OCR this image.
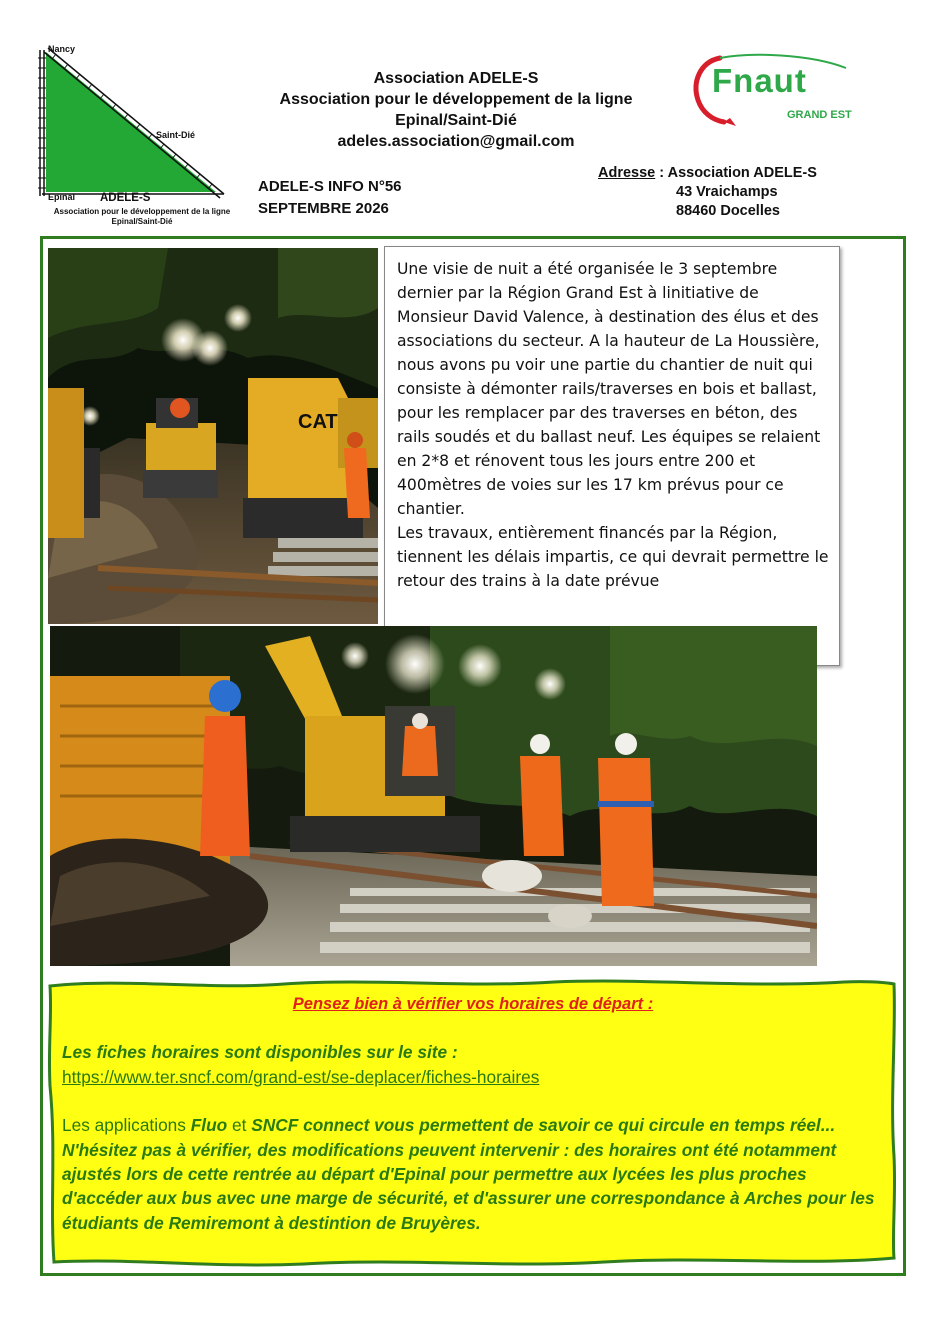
Nancy
Saint-Dié
Epinal ADELE-S
Association pour le développement de la ligne Epinal/Saint-Dié
Association ADELE-S
Association pour le développement de la ligne
Epinal/Saint-Dié
adeles.association@gmail.com
Fnaut
GRAND EST
ADELE-S INFO N°56
SEPTEMBRE 2026
Adresse : Association ADELE-S
43 Vraichamps
88460 Docelles
CAT

Une visie de nuit a été organisée le 3 septembre dernier par la Région Grand Est à linitiative de Monsieur David Valence, à destination des élus et des associations du secteur. A la hauteur de La Houssière, nous avons pu voir une partie du chantier de nuit qui consiste à démonter rails/traverses en bois et ballast, pour les remplacer par des traverses en béton, des rails soudés et du ballast neuf. Les équipes se relaient en 2*8 et rénovent tous les jours entre 200 et 400mètres de voies sur les 17 km prévus pour ce chantier.

Les travaux, entièrement financés par la Région, tiennent les délais impartis, ce qui devrait permettre le retour des trains à la date prévue

Pensez bien à vérifier vos horaires de départ :
Les fiches horaires sont disponibles sur le site :
https://www.ter.sncf.com/grand-est/se-deplacer/fiches-horaires
Les applications Fluo et SNCF connect vous permettent de savoir ce qui circule en temps réel... N'hésitez pas à vérifier, des modifications peuvent intervenir : des horaires ont été notamment ajustés lors de cette rentrée au départ d'Epinal pour permettre aux lycées les plus proches d'accéder aux bus avec une marge de sécurité, et d'assurer une correspondance à Arches pour les étudiants de Remiremont à destintion de Bruyères.
